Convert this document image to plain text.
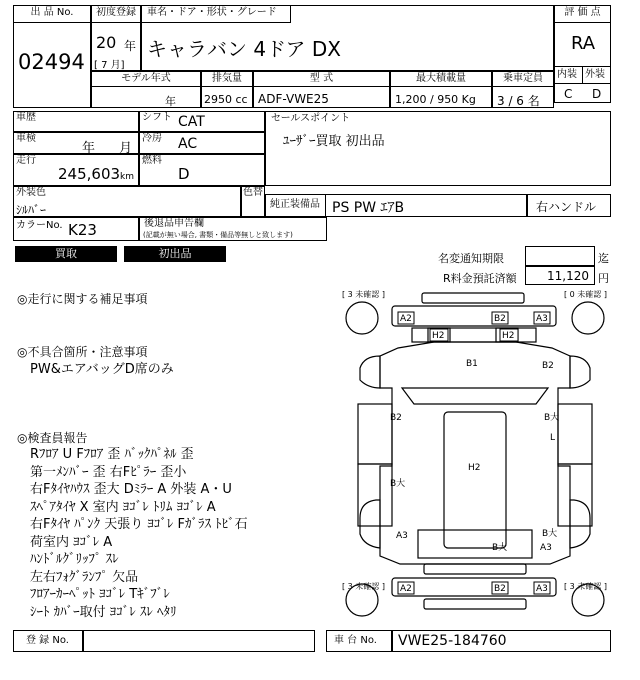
出 品 No.
02494
初度登録
20 年
[ 7 月]
車名・ドア・形状・グレード
キャラバン 4ドア DX
評 価 点
RA
内装 外装
C D
モデル年式
年
排気量
2950 cc
型 式
ADF-VWE25
最大積載量
1,200 / 950 Kg
乗車定員
3 / 6 名
車歴
車検
年 月
走行
245,603 km
シフト CAT
冷房 AC
燃料
D
セールスポイント
ﾕｰｻﾞｰ買取 初出品
外装色
ｼﾙﾊﾞｰ
色替
純正装備品 PS PW ｴｱB	右ハンドル
カラーNo. K23	後退品申告欄
(記載が無い場合, 書類・備品等無しと致します)
買取	初出品	名変通知期限	迄
R料金預託済額	11,120 円
◎走行に関する補足事項
◎不具合箇所・注意事項
PW&エアバッグD席のみ
◎検査員報告
Rﾌﾛｱ U Fﾌﾛｱ 歪 ﾊﾞｯｸﾊﾟﾈﾙ 歪
第一ﾒﾝﾊﾞｰ 歪 右Fﾋﾟﾗｰ 歪小
右Fﾀｲﾔﾊｳｽ 歪大 Dﾐﾗｰ A 外装 A・U
ｽﾍﾟｱﾀｲﾔ X 室内 ﾖｺﾞﾚ ﾄﾘﾑ ﾖｺﾞﾚ A
右Fﾀｲﾔ ﾊﾟﾝｸ 天張り ﾖｺﾞﾚ Fｶﾞﾗｽ ﾄﾋﾞ石
荷室内 ﾖｺﾞﾚ A
ﾊﾝﾄﾞﾙｸﾞﾘｯﾌﾟ ｽﾚ
左右ﾌｫｸﾞﾗﾝﾌﾟ 欠品
ﾌﾛｱｰｶｰﾍﾟｯﾄ ﾖｺﾞﾚ Tｷﾞﾌﾞﾚ
ｼｰﾄ ｶﾊﾞｰ取付 ﾖｺﾞﾚ ｽﾚ ﾍﾀﾘ
[ 3 未確認 ]	[ 0 未確認 ]
[ 3 未確認 ]	[ 3 未確認 ]
A2	B2	A3
H2	H2
B1	B2
B2	B大
L
H2
B大
A3	B大
A3
B大
A2	B2	A3
登 録 No.	車 台 No. VWE25-184760
